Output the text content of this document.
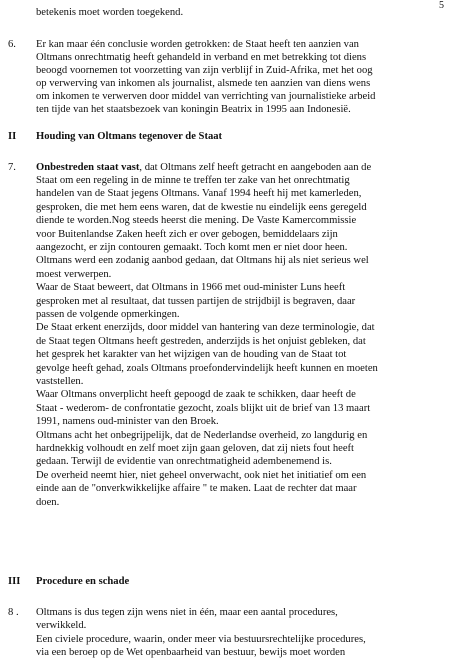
5
betekenis moet worden toegekend.
6. Er kan maar één conclusie worden getrokken: de Staat heeft ten aanzien van
Oltmans onrechtmatig heeft gehandeld in verband en met betrekking tot diens
beoogd voornemen tot voorzetting van zijn verblijf in Zuid-Afrika, met het oog
op verwerving van inkomen als journalist, alsmede ten aanzien van diens wens
om inkomen te verwerven door middel van verrichting van journalistieke arbeid
ten tijde van het staatsbezoek van koningin Beatrix in 1995 aan Indonesië.
II Houding van Oltmans tegenover de Staat
7. Onbestreden staat vast, dat Oltmans zelf heeft getracht en aangeboden aan de
Staat om een regeling in de minne te treffen ter zake van het onrechtmatig
handelen van de Staat jegens Oltmans. Vanaf 1994 heeft hij met kamerleden,
gesproken, die met hem eens waren, dat de kwestie nu eindelijk eens geregeld
diende te worden.Nog steeds heerst die mening. De Vaste Kamercommissie
voor Buitenlandse Zaken heeft zich er over gebogen, bemiddelaars zijn
aangezocht, er zijn contouren gemaakt. Toch komt men er niet door heen.
Oltmans werd een zodanig aanbod gedaan, dat Oltmans hij als niet serieus wel
moest verwerpen.
Waar de Staat beweert, dat Oltmans in 1966 met oud-minister Luns heeft
gesproken met al resultaat, dat tussen partijen de strijdbijl is begraven, daar
passen de volgende opmerkingen.
De Staat erkent enerzijds, door middel van hantering van deze terminologie, dat
de Staat tegen Oltmans heeft gestreden, anderzijds is het onjuist gebleken, dat
het gesprek het karakter van het wijzigen van de houding van de Staat tot
gevolge heeft gehad, zoals Oltmans proefondervindelijk heeft kunnen en moeten
vaststellen.
Waar Oltmans onverplicht heeft gepoogd de zaak te schikken, daar heeft de
Staat - wederom- de confrontatie gezocht, zoals blijkt uit de brief van 13 maart
1991, namens oud-minister van den Broek.
Oltmans acht het onbegrijpelijk, dat de Nederlandse overheid, zo langdurig en
hardnekkig volhoudt en zelf moet zijn gaan geloven, dat zij niets fout heeft
gedaan. Terwijl de evidentie van onrechtmatigheid adembenemend is.
De overheid neemt hier, niet geheel onverwacht, ook niet het initiatief om een
einde aan de "onverkwikkelijke affaire " te maken. Laat de rechter dat maar
doen.
III Procedure en schade
8 . Oltmans is dus tegen zijn wens niet in één, maar een aantal procedures,
verwikkeld.
Een civiele procedure, waarin, onder meer via bestuursrechtelijke procedures,
via een beroep op de Wet openbaarheid van bestuur, bewijs moet worden
